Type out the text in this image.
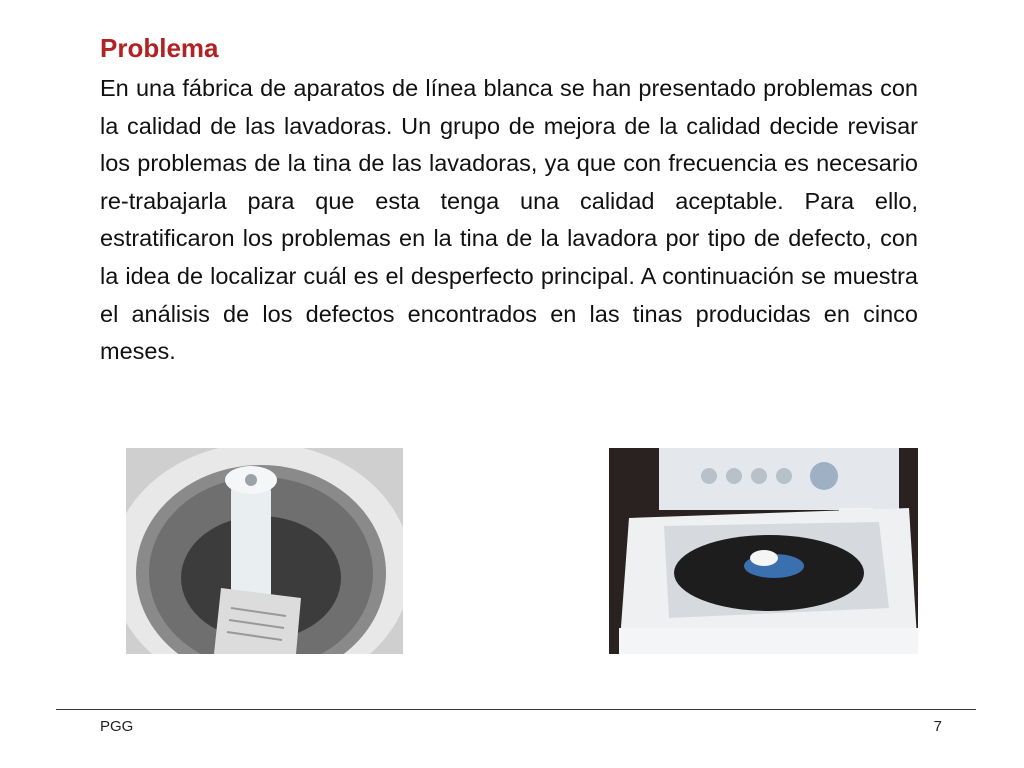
Problema

En una fábrica de aparatos de línea blanca se han presentado problemas con la calidad de las lavadoras. Un grupo de mejora de la calidad decide revisar los problemas de la tina de las lavadoras, ya que con frecuencia es necesario re-trabajarla para que esta tenga una calidad aceptable. Para ello, estratificaron los problemas en la tina de la lavadora por tipo de defecto, con la idea de localizar cuál es el desperfecto principal. A continuación se muestra el análisis de los defectos encontrados en las tinas producidas en cinco meses.

PGG	7
